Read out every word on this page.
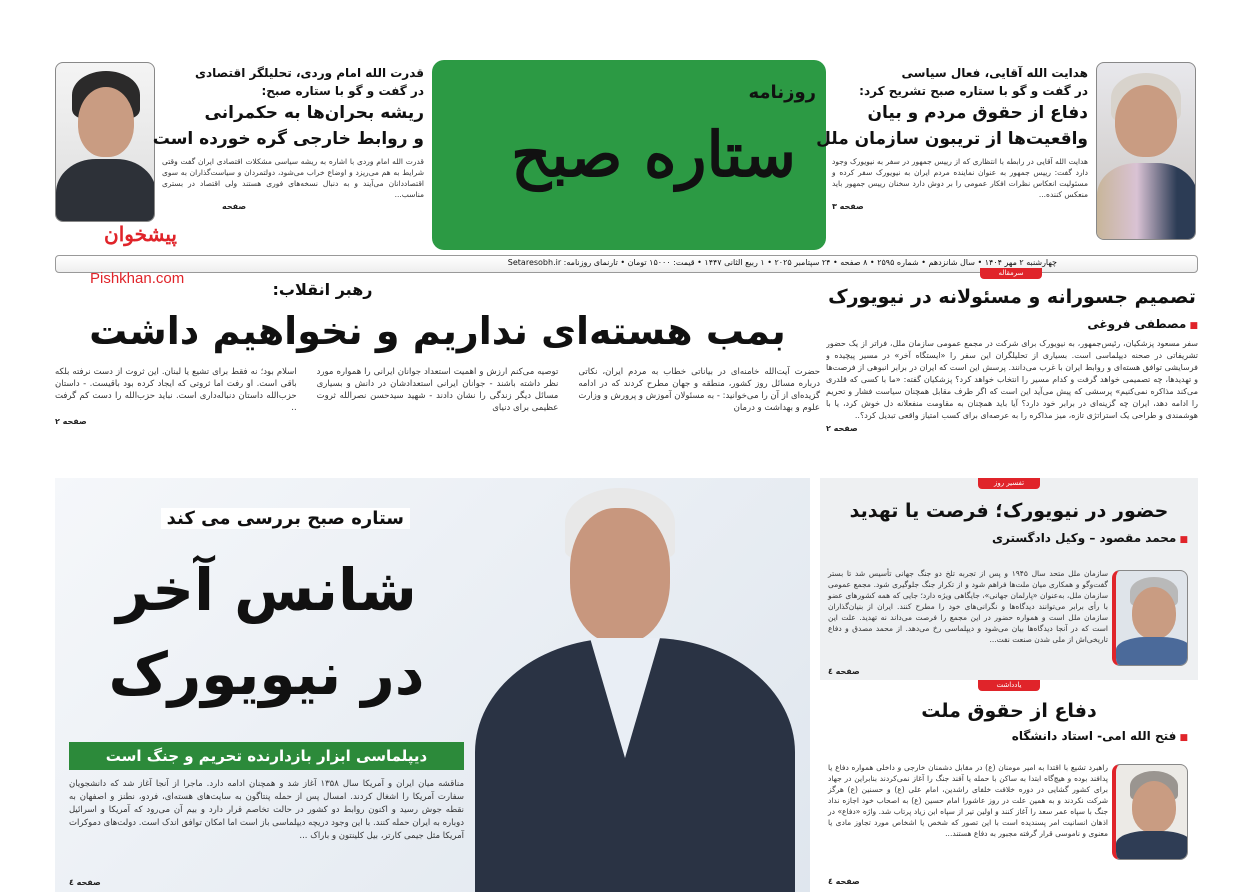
ستاره صبح
روزنامه
هدایت الله آقایی، فعال سیاسی
در گفت و گو با ستاره صبح تشریح کرد:
دفاع از حقوق مردم و بیان
واقعیت‌ها از تریبون سازمان ملل
هدایت الله آقایی در رابطه با انتظاری که از رییس جمهور در سفر به نیویورک وجود دارد گفت: رییس جمهور به عنوان نماینده مردم ایران به نیویورک سفر کرده و مسئولیت انعکاس نظرات افکار عمومی را بر دوش دارد سخنان رییس جمهور باید منعکس کننده...
صفحه ۳
قدرت الله امام وردی، تحلیلگر اقتصادی
در گفت و گو با ستاره صبح:
ریشه بحران‌ها به حکمرانی
و روابط خارجی گره خورده است
قدرت الله امام وردی با اشاره به ریشه سیاسی مشکلات اقتصادی ایران گفت وقتی شرایط به هم می‌ریزد و اوضاع خراب می‌شود، دولتمردان و سیاست‌گذاران به سوی اقتصاددانان می‌آیند و به دنبال نسخه‌های فوری هستند ولی اقتصاد در بستری مناسب...
صفحه
چهارشنبه ۲ مهر ۱۴۰۴ • سال شانزدهم • شماره ۲۵۹۵ • ۸ صفحه • ۲۴ سپتامبر ۲۰۲۵ • ۱ ربیع الثانی ۱۴۴۷ • قیمت: ۱۵۰۰۰ تومان • تارنمای روزنامه: Setaresobh.ir
پیشخوان
Pishkhan.com
رهبر انقلاب:
بمب هسته‌ای نداریم و نخواهیم داشت
حضرت آیت‌الله خامنه‌ای در بیاناتی خطاب به مردم ایران، نکاتی درباره مسائل روز کشور، منطقه و جهان مطرح کردند که در ادامه گزیده‌ای از آن را می‌خوانید: - به مسئولان آموزش و پرورش و وزارت علوم و بهداشت و درمان
توصیه می‌کنم ارزش و اهمیت استعداد جوانان ایرانی را همواره مورد نظر داشته باشند - جوانان ایرانی استعدادشان در دانش و بسیاری مسائل دیگر زندگی را نشان دادند - شهید سیدحسن نصرالله ثروت عظیمی برای دنیای
اسلام بود؛ نه فقط برای تشیع یا لبنان. این ثروت از دست نرفته بلکه باقی است. او رفت اما ثروتی که ایجاد کرده بود باقیست. - داستان حزب‌الله داستان دنباله‌داری است. نباید حزب‌الله را دست کم گرفت ..
صفحه ۲
ستاره صبح بررسی می کند
شانس آخر
در نیویورک
دیپلماسی ابزار بازدارنده تحریم و جنگ است
مناقشه میان ایران و آمریکا سال ۱۳۵۸ آغاز شد و همچنان ادامه دارد. ماجرا از آنجا آغاز شد که دانشجویان سفارت آمریکا را اشغال کردند. امسال پس از حمله پنتاگون به سایت‌های هسته‌ای، فردو، نطنز و اصفهان به نقطه جوش رسید و اکنون روابط دو کشور در حالت تخاصم قرار دارد و بیم آن می‌رود که آمریکا و اسرائیل دوباره به ایران حمله کنند. با این وجود دریچه دیپلماسی باز است اما امکان توافق اندک است. دولت‌های دموکرات آمریکا مثل جیمی کارتر، بیل کلینتون و باراک ...
صفحه ٤
سرمقاله
تصمیم جسورانه و مسئولانه در نیویورک
■ مصطفی فروغی
سفر مسعود پزشکیان، رئیس‌جمهور، به نیویورک برای شرکت در مجمع عمومی سازمان ملل، فراتر از یک حضور تشریفاتی در صحنه دیپلماسی است. بسیاری از تحلیلگران این سفر را «ایستگاه آخر» در مسیر پیچیده و فرسایشی توافق هسته‌ای و روابط ایران با غرب می‌دانند. پرسش این است که ایران در برابر انبوهی از فرصت‌ها و تهدیدها، چه تصمیمی خواهد گرفت و کدام مسیر را انتخاب خواهد کرد؟ پزشکیان گفته: «ما با کسی که قلدری می‌کند مذاکره نمی‌کنیم» پرسشی که پیش می‌آید این است که اگر طرف مقابل همچنان سیاست فشار و تحریم را ادامه دهد، ایران چه گزینه‌ای در برابر خود دارد؟ آیا باید همچنان به مقاومت منفعلانه دل خوش کرد، یا با هوشمندی و طراحی یک استراتژی تازه، میز مذاکره را به عرصه‌ای برای کسب امتیاز واقعی تبدیل کرد؟..
صفحه ۲
تفسیر روز
حضور در نیویورک؛ فرصت یا تهدید
■ محمد مقصود – وکیل دادگستری
سازمان ملل متحد سال ۱۹۴۵ و پس از تجربه تلخ دو جنگ جهانی تأسیس شد تا بستر گفت‌وگو و همکاری میان ملت‌ها فراهم شود و از تکرار جنگ جلوگیری شود. مجمع عمومی سازمان ملل، به‌عنوان «پارلمان جهانی»، جایگاهی ویژه دارد؛ جایی که همه کشورهای عضو با رأی برابر می‌توانند دیدگاه‌ها و نگرانی‌های خود را مطرح کنند. ایران از بنیان‌گذاران سازمان ملل است و همواره حضور در این مجمع را فرصت می‌داند نه تهدید. علت این است که در آنجا دیدگاه‌ها بیان می‌شود و دیپلماسی رخ می‌دهد. از محمد مصدق و دفاع تاریخی‌اش از ملی شدن صنعت نفت...
صفحه ٤
یادداشت
دفاع از حقوق ملت
■ فتح الله امی- استاد دانشگاه
راهبرد تشیع با اقتدا به امیر مومنان (ع) در مقابل دشمنان خارجی و داخلی همواره دفاع یا پدافند بوده و هیچ‌گاه ابتدا به ساکن با حمله یا آفند جنگ را آغاز نمی‌کردند بنابراین در جهاد برای کشور گشایی در دوره خلافت خلفای راشدین، امام علی (ع) و حسنین (ع) هرگز شرکت نکردند و به همین علت در روز عاشورا امام حسین (ع) به اصحاب خود اجازه نداد جنگ با سپاه عمر سعد را آغاز کنند و اولین تیر از سپاه ابن زیاد پرتاب شد. واژه «دفاع» در اذهان انسانیت امر پسندیده است با این تصور که شخص یا اشخاص مورد تجاوز مادی یا معنوی و ناموسی قرار گرفته مجبور به دفاع هستند...
صفحه ٤
